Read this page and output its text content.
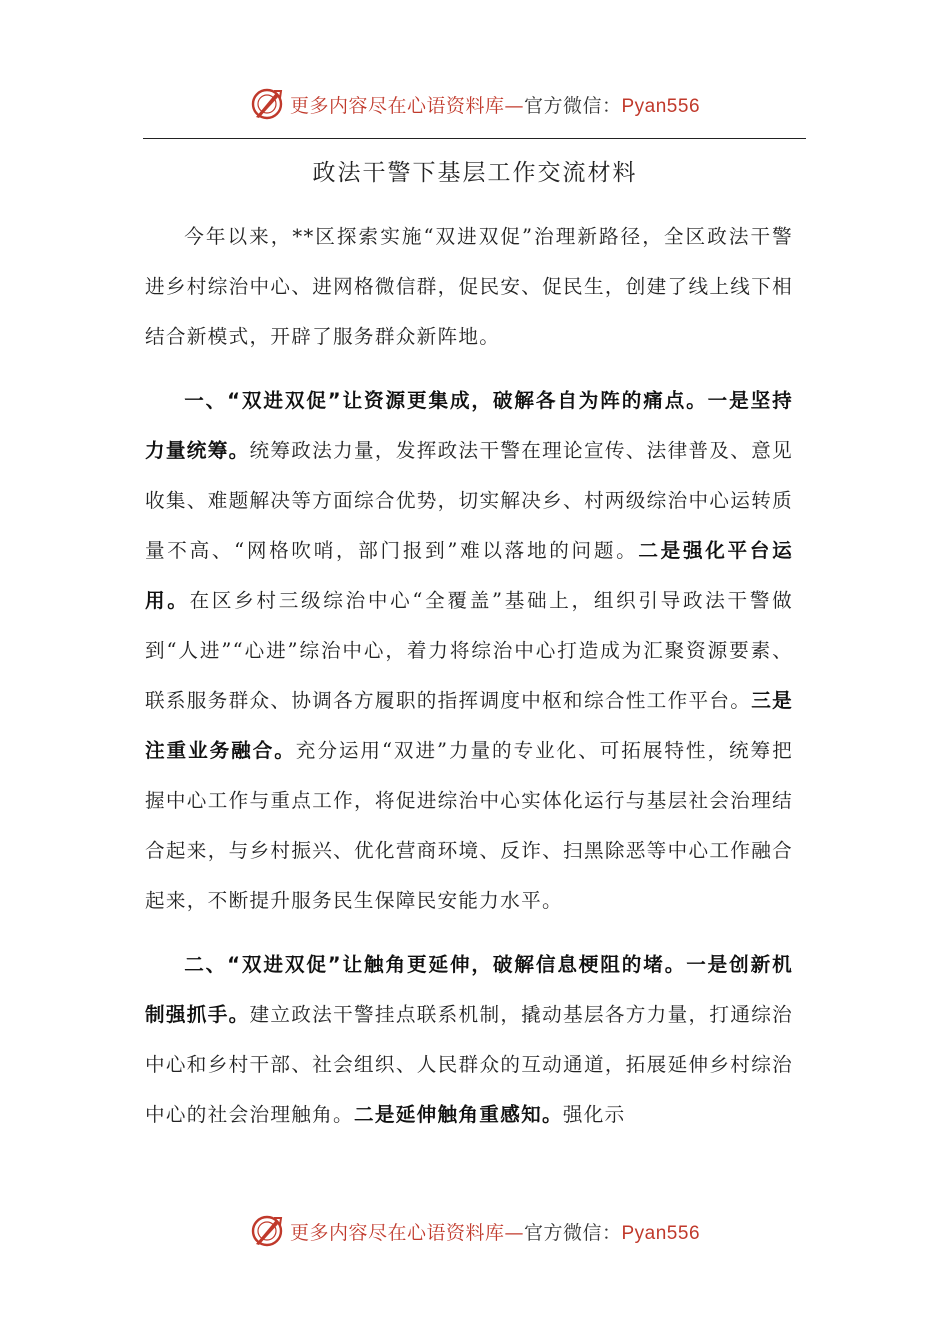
更多内容尽在心语资料库—官方微信：Pyan556
政法干警下基层工作交流材料

今年以来，**区探索实施“双进双促”治理新路径，全区政法干警进乡村综治中心、进网格微信群，促民安、促民生，创建了线上线下相结合新模式，开辟了服务群众新阵地。

一、“双进双促”让资源更集成，破解各自为阵的痛点。一是坚持力量统筹。统筹政法力量，发挥政法干警在理论宣传、法律普及、意见收集、难题解决等方面综合优势，切实解决乡、村两级综治中心运转质量不高、“网格吹哨，部门报到”难以落地的问题。二是强化平台运用。在区乡村三级综治中心“全覆盖”基础上，组织引导政法干警做到“人进”“心进”综治中心，着力将综治中心打造成为汇聚资源要素、联系服务群众、协调各方履职的指挥调度中枢和综合性工作平台。三是注重业务融合。充分运用“双进”力量的专业化、可拓展特性，统筹把握中心工作与重点工作，将促进综治中心实体化运行与基层社会治理结合起来，与乡村振兴、优化营商环境、反诈、扫黑除恶等中心工作融合起来，不断提升服务民生保障民安能力水平。

二、“双进双促”让触角更延伸，破解信息梗阻的堵。一是创新机制强抓手。建立政法干警挂点联系机制，撬动基层各方力量，打通综治中心和乡村干部、社会组织、人民群众的互动通道，拓展延伸乡村综治中心的社会治理触角。二是延伸触角重感知。强化示

更多内容尽在心语资料库—官方微信：Pyan556
